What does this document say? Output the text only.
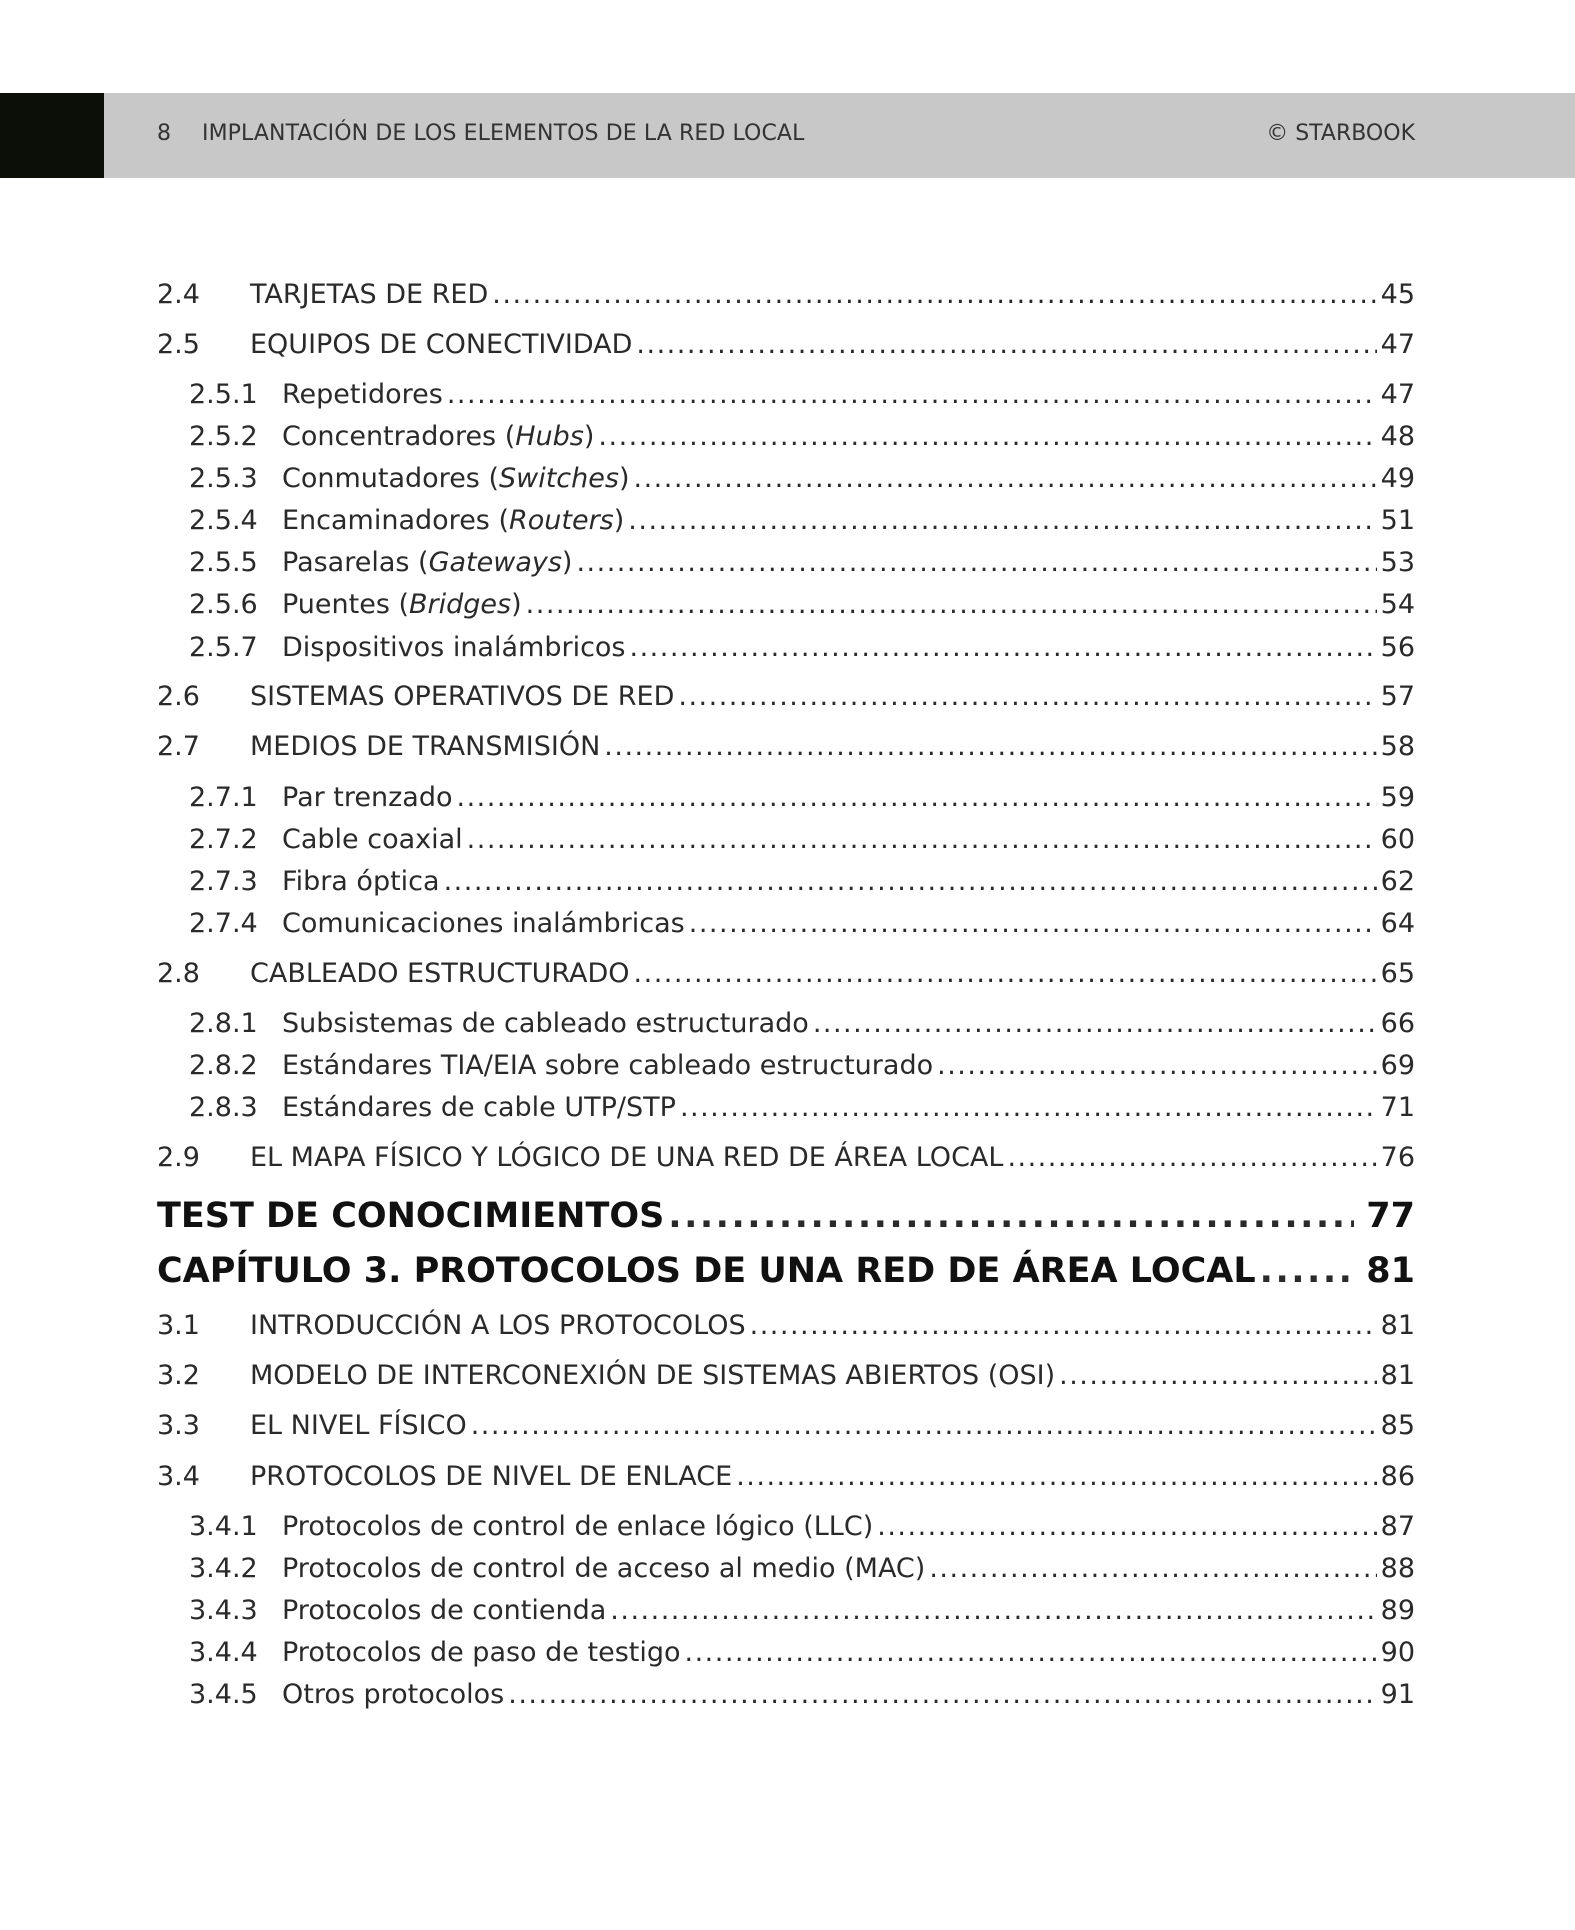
8 IMPLANTACIÓN DE LOS ELEMENTOS DE LA RED LOCAL	© STARBOOK
2.4	TARJETAS DE RED .....	45
2.5	EQUIPOS DE CONECTIVIDAD .....	47
2.5.1 Repetidores .....	47
2.5.2 Concentradores (Hubs) .....	48
2.5.3 Conmutadores (Switches) .....	49
2.5.4 Encaminadores (Routers) .....	51
2.5.5 Pasarelas (Gateways) .....	53
2.5.6 Puentes (Bridges) .....	54
2.5.7 Dispositivos inalámbricos .....	56
2.6	SISTEMAS OPERATIVOS DE RED .....	57
2.7	MEDIOS DE TRANSMISIÓN .....	58
2.7.1 Par trenzado .....	59
2.7.2 Cable coaxial .....	60
2.7.3 Fibra óptica .....	62
2.7.4 Comunicaciones inalámbricas .....	64
2.8	CABLEADO ESTRUCTURADO .....	65
2.8.1 Subsistemas de cableado estructurado .....	66
2.8.2 Estándares TIA/EIA sobre cableado estructurado .....	69
2.8.3 Estándares de cable UTP/STP .....	71
2.9	EL MAPA FÍSICO Y LÓGICO DE UNA RED DE ÁREA LOCAL .....	76
TEST DE CONOCIMIENTOS .....	77
CAPÍTULO 3. PROTOCOLOS DE UNA RED DE ÁREA LOCAL .....	81
3.1	INTRODUCCIÓN A LOS PROTOCOLOS .....	81
3.2	MODELO DE INTERCONEXIÓN DE SISTEMAS ABIERTOS (OSI) .....	81
3.3	EL NIVEL FÍSICO .....	85
3.4	PROTOCOLOS DE NIVEL DE ENLACE .....	86
3.4.1 Protocolos de control de enlace lógico (LLC) .....	87
3.4.2 Protocolos de control de acceso al medio (MAC) .....	88
3.4.3 Protocolos de contienda .....	89
3.4.4 Protocolos de paso de testigo .....	90
3.4.5 Otros protocolos .....	91
